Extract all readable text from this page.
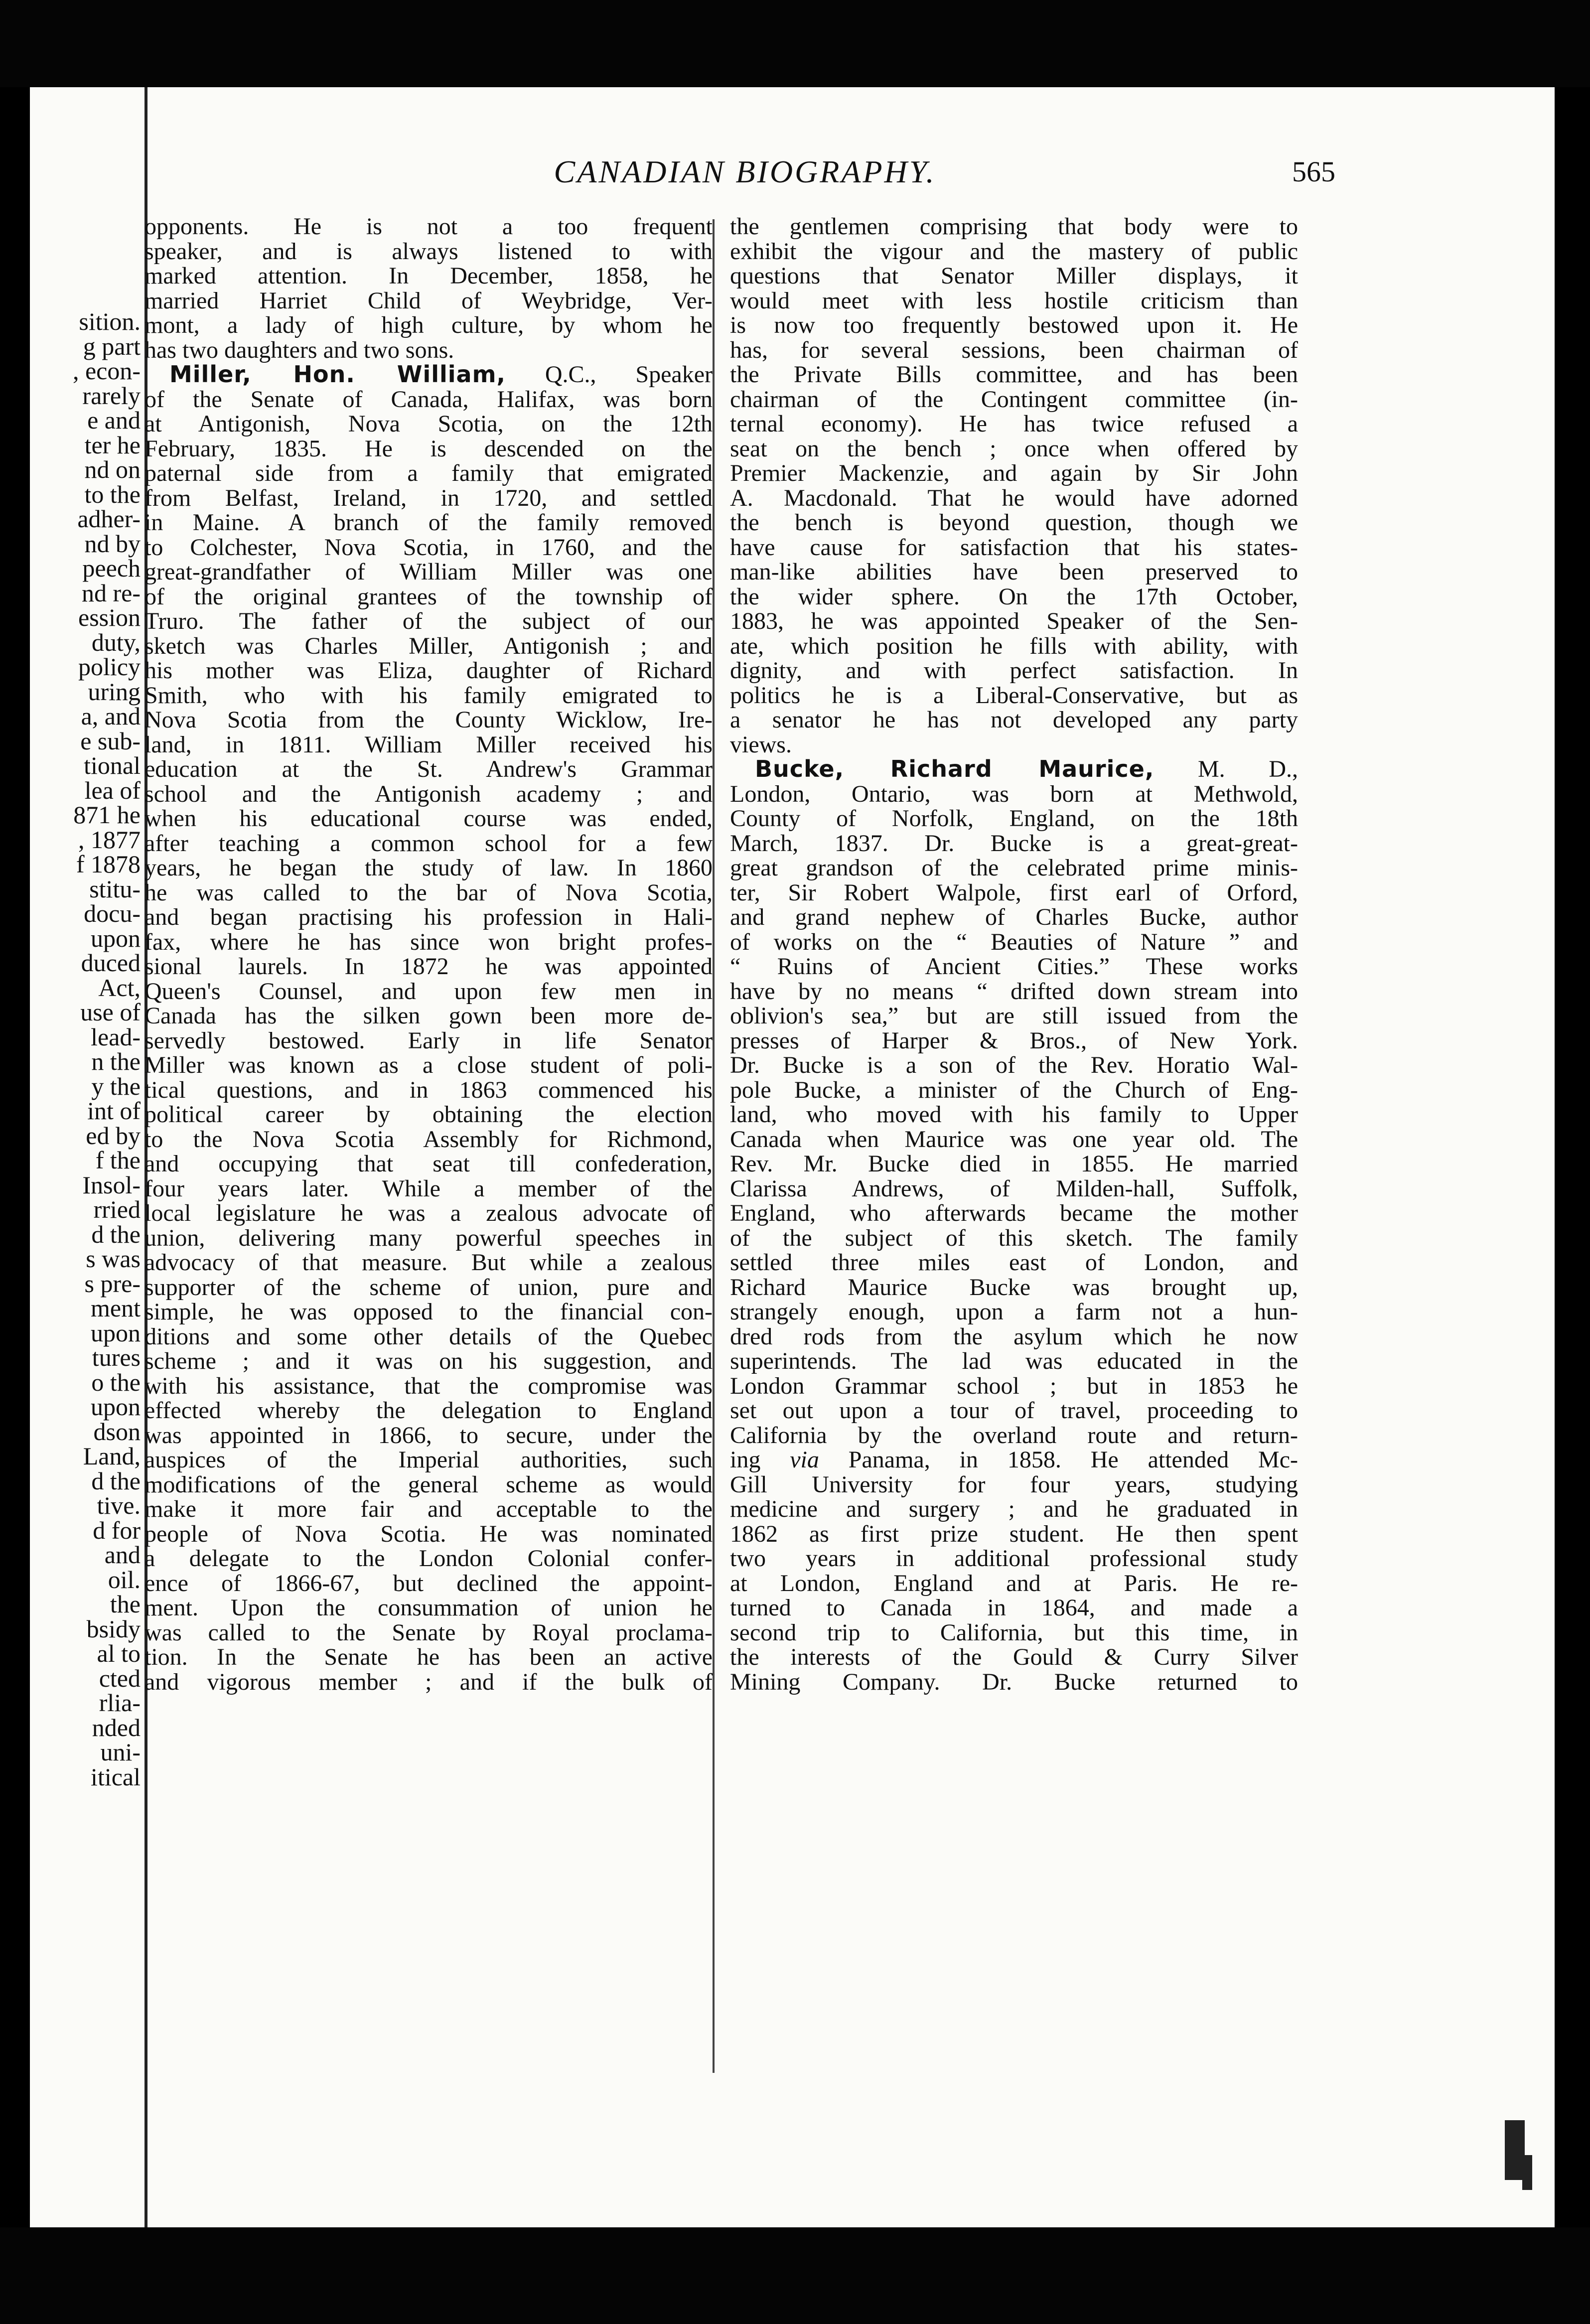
sition.
g part
, econ-
rarely
e and
ter he
nd on
to the
adher-
nd by
peech
nd re-
ession
duty,
policy
uring
a, and
e sub-
tional
lea of
871 he
, 1877
f 1878
stitu-
docu-
upon
duced
Act,
use of
lead-
n the
y the
int of
ed by
f the
Insol-
rried
d the
s was
s pre-
ment
upon
tures
o the
upon
dson
Land,
d the
tive.
d for
and
oil.
the
bsidy
al to
cted
rlia-
nded
uni-
itical
CANADIAN BIOGRAPHY.	565
opponents. He is not a too frequent
speaker, and is always listened to with
marked attention. In December, 1858, he
married Harriet Child of Weybridge, Ver-
mont, a lady of high culture, by whom he
has two daughters and two sons.
Miller, Hon. William, Q.C., Speaker
of the Senate of Canada, Halifax, was born
at Antigonish, Nova Scotia, on the 12th
February, 1835. He is descended on the
paternal side from a family that emigrated
from Belfast, Ireland, in 1720, and settled
in Maine. A branch of the family removed
to Colchester, Nova Scotia, in 1760, and the
great-grandfather of William Miller was one
of the original grantees of the township of
Truro. The father of the subject of our
sketch was Charles Miller, Antigonish ; and
his mother was Eliza, daughter of Richard
Smith, who with his family emigrated to
Nova Scotia from the County Wicklow, Ire-
land, in 1811. William Miller received his
education at the St. Andrew's Grammar
school and the Antigonish academy ; and
when his educational course was ended,
after teaching a common school for a few
years, he began the study of law. In 1860
he was called to the bar of Nova Scotia,
and began practising his profession in Hali-
fax, where he has since won bright profes-
sional laurels. In 1872 he was appointed
Queen's Counsel, and upon few men in
Canada has the silken gown been more de-
servedly bestowed. Early in life Senator
Miller was known as a close student of poli-
tical questions, and in 1863 commenced his
political career by obtaining the election
to the Nova Scotia Assembly for Richmond,
and occupying that seat till confederation,
four years later. While a member of the
local legislature he was a zealous advocate of
union, delivering many powerful speeches in
advocacy of that measure. But while a zealous
supporter of the scheme of union, pure and
simple, he was opposed to the financial con-
ditions and some other details of the Quebec
scheme ; and it was on his suggestion, and
with his assistance, that the compromise was
effected whereby the delegation to England
was appointed in 1866, to secure, under the
auspices of the Imperial authorities, such
modifications of the general scheme as would
make it more fair and acceptable to the
people of Nova Scotia. He was nominated
a delegate to the London Colonial confer-
ence of 1866-67, but declined the appoint-
ment. Upon the consummation of union he
was called to the Senate by Royal proclama-
tion. In the Senate he has been an active
and vigorous member ; and if the bulk of
the gentlemen comprising that body were to
exhibit the vigour and the mastery of public
questions that Senator Miller displays, it
would meet with less hostile criticism than
is now too frequently bestowed upon it. He
has, for several sessions, been chairman of
the Private Bills committee, and has been
chairman of the Contingent committee (in-
ternal economy). He has twice refused a
seat on the bench ; once when offered by
Premier Mackenzie, and again by Sir John
A. Macdonald. That he would have adorned
the bench is beyond question, though we
have cause for satisfaction that his states-
man-like abilities have been preserved to
the wider sphere. On the 17th October,
1883, he was appointed Speaker of the Sen-
ate, which position he fills with ability, with
dignity, and with perfect satisfaction. In
politics he is a Liberal-Conservative, but as
a senator he has not developed any party
views.
Bucke, Richard Maurice, M. D.,
London, Ontario, was born at Methwold,
County of Norfolk, England, on the 18th
March, 1837. Dr. Bucke is a great-great-
great grandson of the celebrated prime minis-
ter, Sir Robert Walpole, first earl of Orford,
and grand nephew of Charles Bucke, author
of works on the “ Beauties of Nature ” and
“ Ruins of Ancient Cities.” These works
have by no means “ drifted down stream into
oblivion's sea,” but are still issued from the
presses of Harper & Bros., of New York.
Dr. Bucke is a son of the Rev. Horatio Wal-
pole Bucke, a minister of the Church of Eng-
land, who moved with his family to Upper
Canada when Maurice was one year old. The
Rev. Mr. Bucke died in 1855. He married
Clarissa Andrews, of Milden-hall, Suffolk,
England, who afterwards became the mother
of the subject of this sketch. The family
settled three miles east of London, and
Richard Maurice Bucke was brought up,
strangely enough, upon a farm not a hun-
dred rods from the asylum which he now
superintends. The lad was educated in the
London Grammar school ; but in 1853 he
set out upon a tour of travel, proceeding to
California by the overland route and return-
ing via Panama, in 1858. He attended Mc-
Gill University for four years, studying
medicine and surgery ; and he graduated in
1862 as first prize student. He then spent
two years in additional professional study
at London, England and at Paris. He re-
turned to Canada in 1864, and made a
second trip to California, but this time, in
the interests of the Gould & Curry Silver
Mining Company. Dr. Bucke returned to
